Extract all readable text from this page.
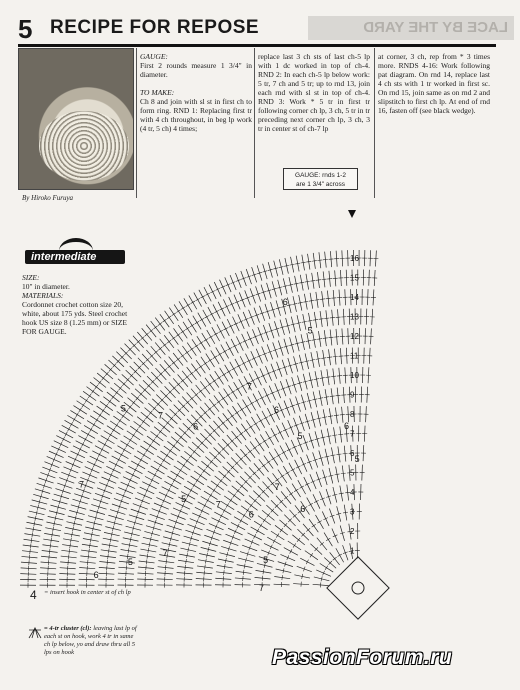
5 RECIPE FOR REPOSE	LACE BY THE YARD
By Hiroko Furuya
intermediate
SIZE:
10" in diameter.
MATERIALS:
Cordonnet crochet cotton size 20, white, about 175 yds. Steel crochet hook US size 8 (1.25 mm) or SIZE FOR GAUGE.
GAUGE:
First 2 rounds measure 1 3/4" in diameter.

TO MAKE:
Ch 8 and join with sl st in first ch to form ring. RND 1: Replacing first tr with 4 ch throughout, in beg lp work (4 tr, 5 ch) 4 times;
replace last 3 ch sts of last ch-5 lp with 1 dc worked in top of ch-4. RND 2: In each ch-5 lp below work: 5 tr, 7 ch and 5 tr; up to rnd 13, join each rnd with sl st in top of ch-4. RND 3: Work * 5 tr in first tr following corner ch lp, 3 ch, 5 tr in tr preceding next corner ch lp, 3 ch, 3 tr in center st of ch-7 lp
at corner, 3 ch, rep from * 3 times more. RNDS 4-16: Work following pat diagram. On rnd 14, replace last 4 ch sts with 1 tr worked in first sc. On rnd 15, join same as on rnd 2 and slipstitch to first ch lp. At end of rnd 16, fasten off (see black wedge).
GAUGE: rnds 1-2
are 1 3/4" across
16
15
14
13
12
11
10
9
8
7
6
5
4
3
2
1
7
6
5
7
6
5
7
6
5
7
6
5
7
6
5
7
6
5
7
6
5
4 = insert hook in center st of ch lp
= 4-tr cluster (cl): leaving last lp of each st on hook, work 4 tr in same ch lp below, yo and draw thru all 5 lps on hook	PassionForum.ru
